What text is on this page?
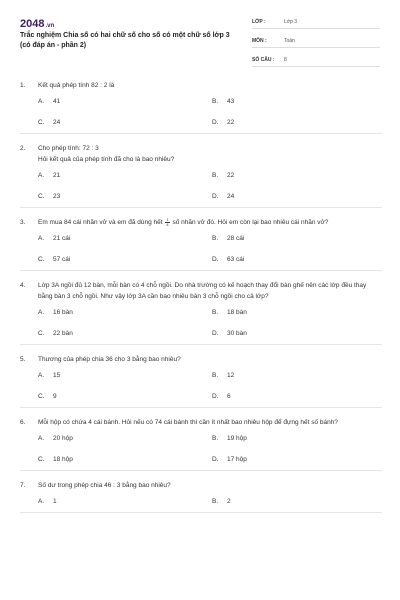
2048.vn
Trắc nghiệm Chia số có hai chữ số cho số có một chữ số lớp 3 (có đáp án - phần 2)
LỚP :	Lớp 3
MÔN :	Toán
SỐ CÂU :	8
1.	Kết quả phép tính 82 : 2 là
A.	41	B.	43
C.	24	D.	22
2.	Cho phép tính: 72 : 3
Hỏi kết quả của phép tính đã cho là bao nhiêu?
A.	21	B.	22
C.	23	D.	24
3.	Em mua 84 cái nhãn vở và em đã dùng hết $\frac{1}{4}$ số nhãn vở đó. Hỏi em còn lại bao nhiêu cái nhãn vở?
A.	21 cái	B.	28 cái
C.	57 cái	D.	63 cái
4.	Lớp 3A ngồi đủ 12 bàn, mỗi bàn có 4 chỗ ngồi. Do nhà trường có kế hoạch thay đổi bàn ghế nên các lớp đều thay bằng bàn 3 chỗ ngồi. Như vậy lớp 3A cần bao nhiêu bàn 3 chỗ ngồi cho cả lớp?
A.	16 bàn	B.	18 bàn
C.	22 bàn	D.	30 bàn
5.	Thương của phép chia 36 cho 3 bằng bao nhiêu?
A.	15	B.	12
C.	9	D.	6
6.	Mỗi hộp có chứa 4 cái bánh. Hỏi nếu có 74 cái bánh thì cần ít nhất bao nhiêu hộp để đựng hết số bánh?
A.	20 hộp	B.	19 hộp
C.	18 hộp	D.	17 hộp
7.	Số dư trong phép chia 46 : 3 bằng bao nhiêu?
A.	1	B.	2
